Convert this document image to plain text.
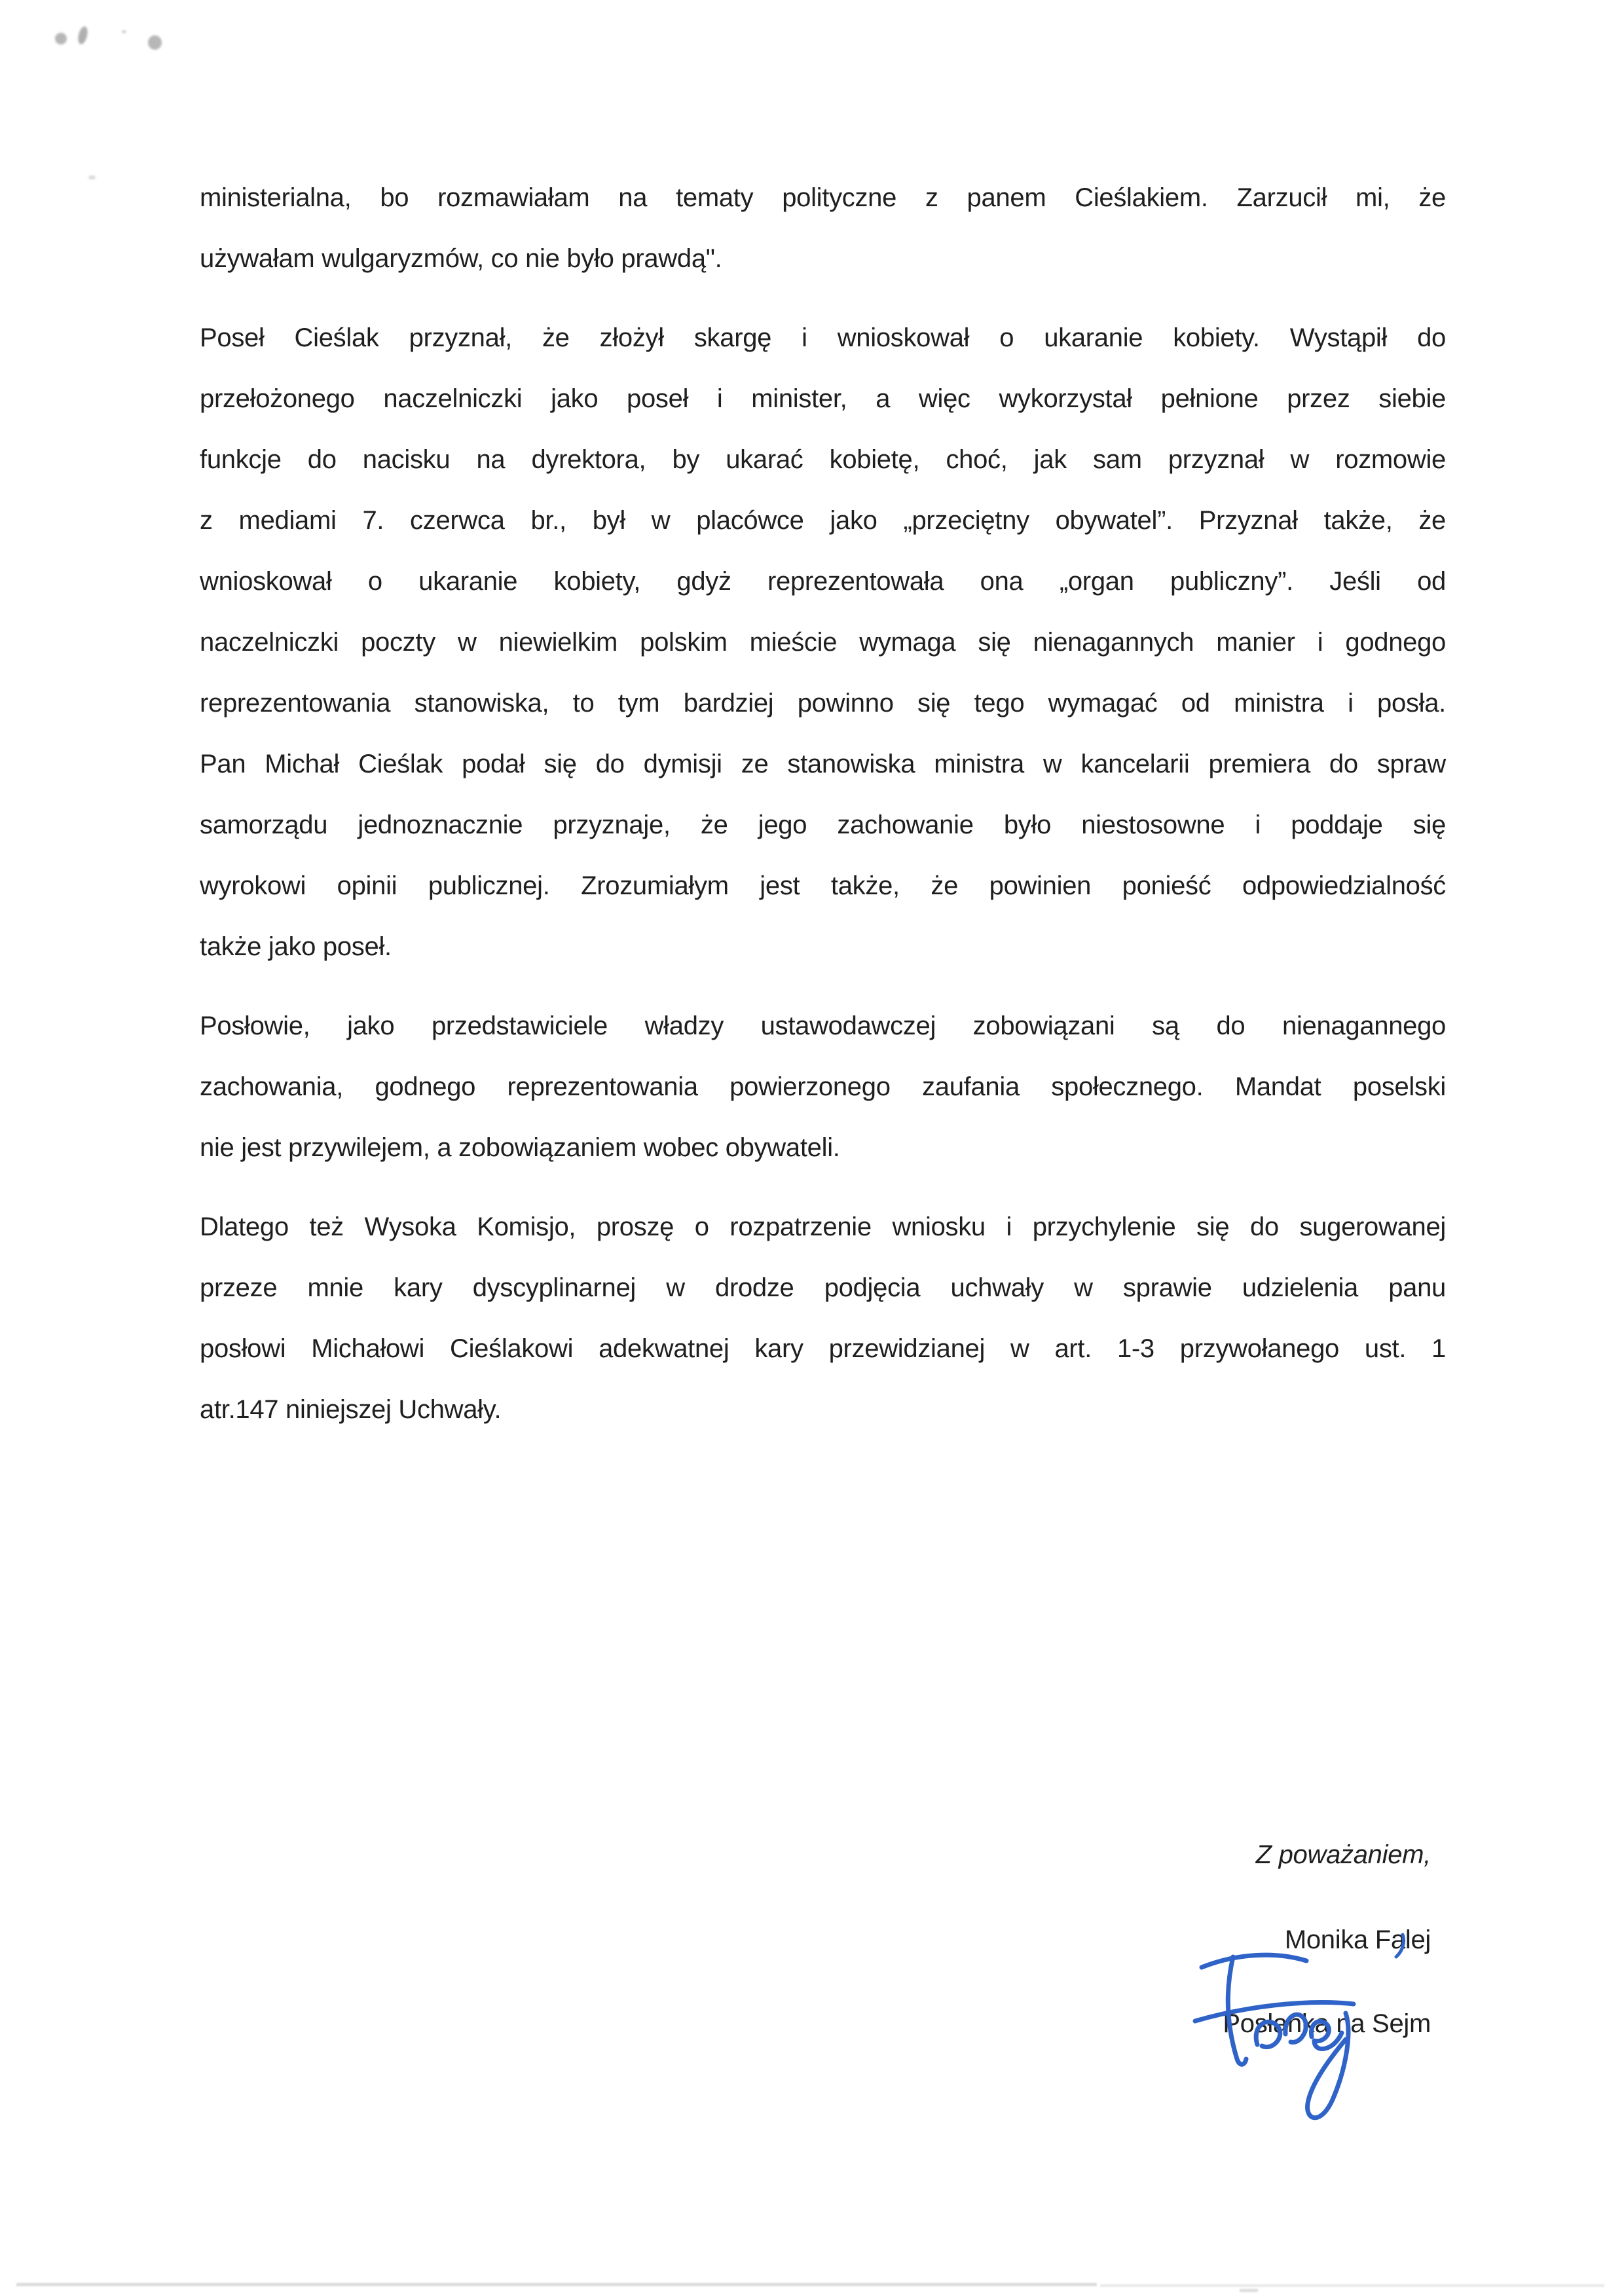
ministerialna, bo rozmawiałam na tematy polityczne z panem Cieślakiem. Zarzucił mi, że
używałam wulgaryzmów, co nie było prawdą".
Poseł Cieślak przyznał, że złożył skargę i wnioskował o ukaranie kobiety. Wystąpił do
przełożonego naczelniczki jako poseł i minister, a więc wykorzystał pełnione przez siebie
funkcje do nacisku na dyrektora, by ukarać kobietę, choć, jak sam przyznał w rozmowie
z mediami 7. czerwca br., był w placówce jako „przeciętny obywatel”. Przyznał także, że
wnioskował o ukaranie kobiety, gdyż reprezentowała ona „organ publiczny”. Jeśli od
naczelniczki poczty w niewielkim polskim mieście wymaga się nienagannych manier i godnego
reprezentowania stanowiska, to tym bardziej powinno się tego wymagać od ministra i posła.
Pan Michał Cieślak podał się do dymisji ze stanowiska ministra w kancelarii premiera do spraw
samorządu jednoznacznie przyznaje, że jego zachowanie było niestosowne i poddaje się
wyrokowi opinii publicznej. Zrozumiałym jest także, że powinien ponieść odpowiedzialność
także jako poseł.
Posłowie, jako przedstawiciele władzy ustawodawczej zobowiązani są do nienagannego
zachowania, godnego reprezentowania powierzonego zaufania społecznego. Mandat poselski
nie jest przywilejem, a zobowiązaniem wobec obywateli.
Dlatego też Wysoka Komisjo, proszę o rozpatrzenie wniosku i przychylenie się do sugerowanej
przeze mnie kary dyscyplinarnej w drodze podjęcia uchwały w sprawie udzielenia panu
posłowi Michałowi Cieślakowi adekwatnej kary przewidzianej w art. 1-3 przywołanego ust. 1
atr.147 niniejszej Uchwały.
Z poważaniem,
Monika Falej
Posłanka na Sejm
